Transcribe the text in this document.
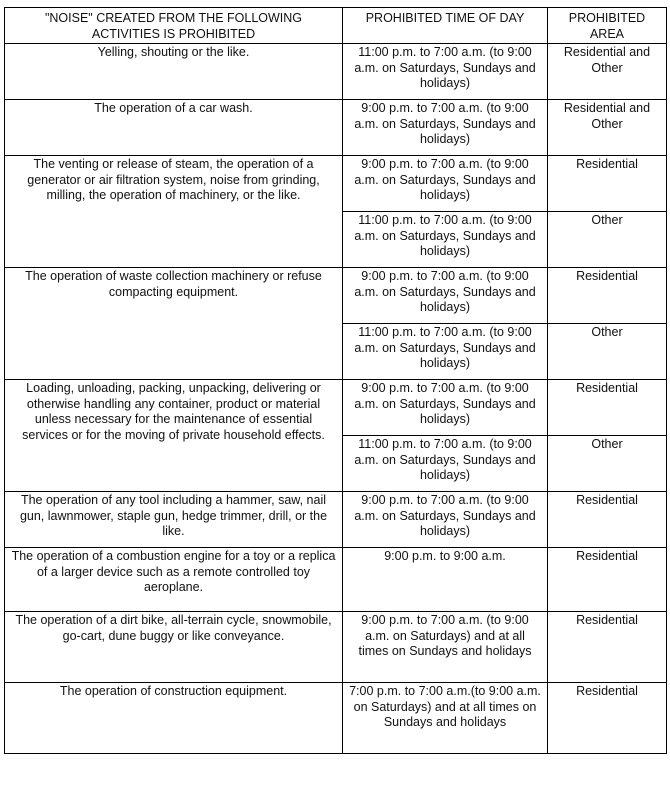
"NOISE" CREATED FROM THE FOLLOWING ACTIVITIES IS PROHIBITED	PROHIBITED TIME OF DAY	PROHIBITED AREA
Yelling, shouting or the like.	11:00 p.m. to 7:00 a.m. (to 9:00 a.m. on Saturdays, Sundays and holidays)	Residential and Other
The operation of a car wash.	9:00 p.m. to 7:00 a.m. (to 9:00 a.m. on Saturdays, Sundays and holidays)	Residential and Other
The venting or release of steam, the operation of a generator or air filtration system, noise from grinding, milling, the operation of machinery, or the like.	9:00 p.m. to 7:00 a.m. (to 9:00 a.m. on Saturdays, Sundays and holidays)	Residential
	11:00 p.m. to 7:00 a.m. (to 9:00 a.m. on Saturdays, Sundays and holidays)	Other
The operation of waste collection machinery or refuse compacting equipment.	9:00 p.m. to 7:00 a.m. (to 9:00 a.m. on Saturdays, Sundays and holidays)	Residential
	11:00 p.m. to 7:00 a.m. (to 9:00 a.m. on Saturdays, Sundays and holidays)	Other
Loading, unloading, packing, unpacking, delivering or otherwise handling any container, product or material unless necessary for the maintenance of essential services or for the moving of private household effects.	9:00 p.m. to 7:00 a.m. (to 9:00 a.m. on Saturdays, Sundays and holidays)	Residential
	11:00 p.m. to 7:00 a.m. (to 9:00 a.m. on Saturdays, Sundays and holidays)	Other
The operation of any tool including a hammer, saw, nail gun, lawnmower, staple gun, hedge trimmer, drill, or the like.	9:00 p.m. to 7:00 a.m. (to 9:00 a.m. on Saturdays, Sundays and holidays)	Residential
The operation of a combustion engine for a toy or a replica of a larger device such as a remote controlled toy aeroplane.	9:00 p.m. to 9:00 a.m.	Residential
The operation of a dirt bike, all-terrain cycle, snowmobile, go-cart, dune buggy or like conveyance.	9:00 p.m. to 7:00 a.m. (to 9:00 a.m. on Saturdays) and at all times on Sundays and holidays	Residential
The operation of construction equipment.	7:00 p.m. to 7:00 a.m.(to 9:00 a.m. on Saturdays) and at all times on Sundays and holidays	Residential
